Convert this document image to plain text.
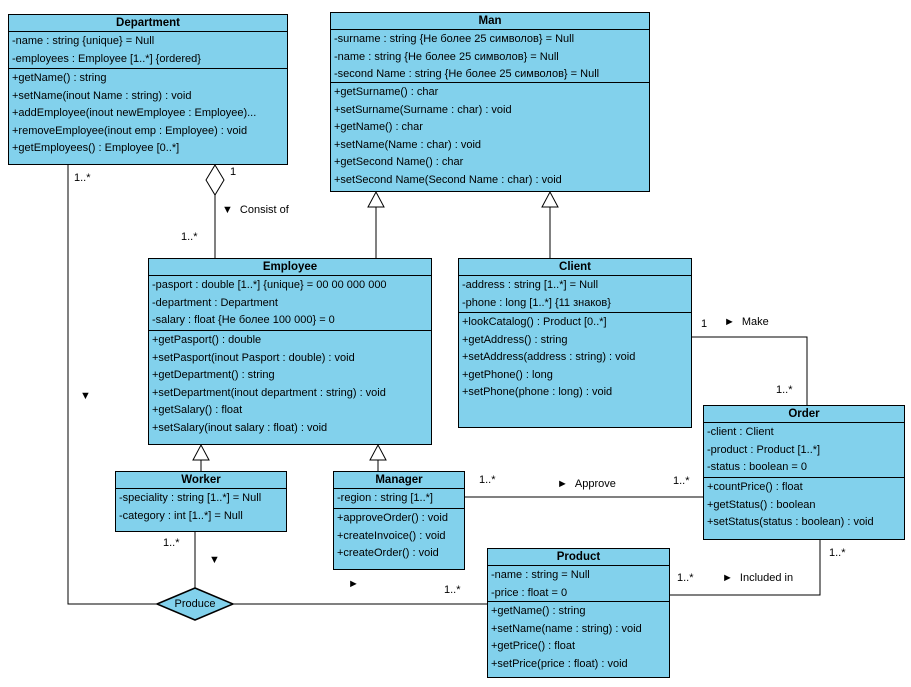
Department
-name : string {unique} = Null
-employees : Employee [1..*] {ordered}
+getName() : string
+setName(inout Name : string) : void
+addEmployee(inout newEmployee : Employee)...
+removeEmployee(inout emp : Employee) : void
+getEmployees() : Employee [0..*]
Man
-surname : string {Не более 25 символов} = Null
-name : string {Не более 25 символов} = Null
-second Name : string {Не более 25 символов} = Null
+getSurname() : char
+setSurname(Surname : char) : void
+getName() : char
+setName(Name : char) : void
+getSecond Name() : char
+setSecond Name(Second Name : char) : void
Employee
-pasport : double [1..*] {unique} = 00 00 000 000
-department : Department
-salary : float {Не более 100 000} = 0
+getPasport() : double
+setPasport(inout Pasport : double) : void
+getDepartment() : string
+setDepartment(inout department : string) : void
+getSalary() : float
+setSalary(inout salary : float) : void
Client
-address : string [1..*] = Null
-phone : long [1..*] {11 знаков}
+lookCatalog() : Product [0..*]
+getAddress() : string
+setAddress(address : string) : void
+getPhone() : long
+setPhone(phone : long) : void
Order
-client : Client
-product : Product [1..*]
-status : boolean = 0
+countPrice() : float
+getStatus() : boolean
+setStatus(status : boolean) : void
Worker
-speciality : string [1..*] = Null
-category : int [1..*] = Null
Manager
-region : string [1..*]
+approveOrder() : void
+createInvoice() : void
+createOrder() : void	Product
-name : string = Null
-price : float = 0
+getName() : string
+setName(name : string) : void
+getPrice() : float
+setPrice(price : float) : void
1
1..*
▼ Consist of
1..*
▼
1..*
▼
►	1..*
Produce
1 ► Make
1..*
1..*	► Approve	1..*
1..*
► Included in
1..*
